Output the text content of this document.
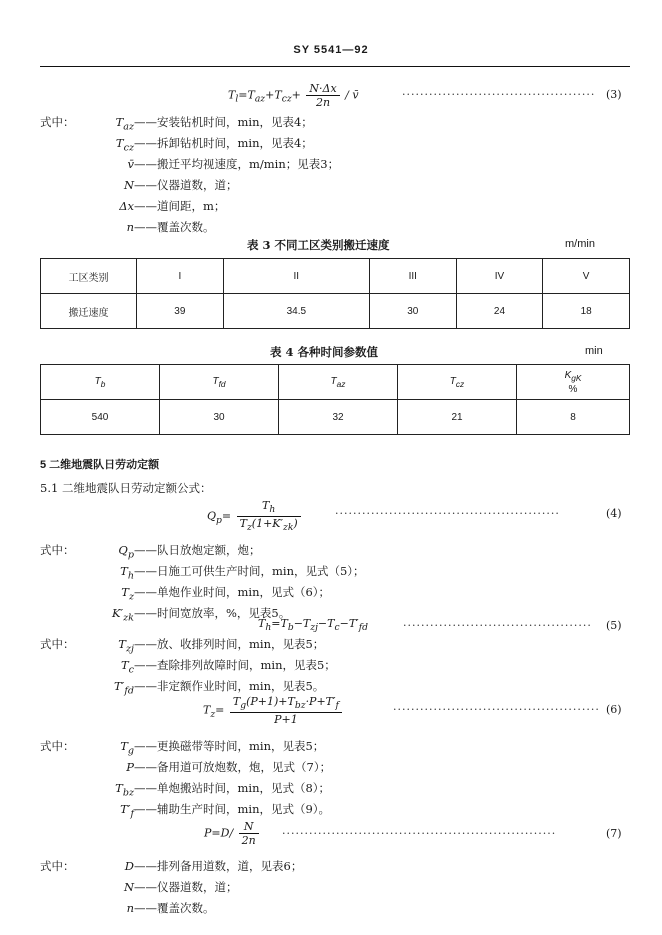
SY 5541—92
$T_l=T_{az}+T_{cz}+ \frac{N\cdot\Delta x}{2n}$ / v̄	··········································· (3)
式中：	$T_{az}——$安装钻机时间，min，见表4；
$T_{cz}——$拆卸钻机时间，min，见表4；
v̄——搬迁平均视速度，m/min；见表3；
N——仪器道数，道；
Δx——道间距，m；
n——覆盖次数。
表 3 不同工区类别搬迁速度	m/min
工区类别	I	II	III	IV	V
搬迁速度	39	34.5	30	24	18
表 4 各种时间参数值	min
$T_b$	$T_{fd}$	$T_{az}$	$T_{cz}$	$K_{gK}$
%
540	30	32	21	8
5 二维地震队日劳动定额
5.1 二维地震队日劳动定额公式：
$Q_p= \frac{T_h}{T_z(1+K'_{zk})}$	··················································	(4)
式中：	$Q_p——$队日放炮定额，炮；
$T_h——$日施工可供生产时间，min，见式（5）；
$T_z——$单炮作业时间，min，见式（6）；
$K'_{zk}——$时间宽放率，%，见表5。
$T_h=T_b-T_{zj}-T_c-T'_{fd}$	·········································· (5)
式中：	$T_{zj}——$放、收排列时间，min，见表5；
$T_c——$查除排列故障时间，min，见表5；
$T'_{fd}——$非定额作业时间，min，见表5。
$T_z= \frac{T_g(P+1)+T_{bz}\cdot P+T'_f}{P+1}$	·············································· (6)
式中：	$T_g——$更换磁带等时间，min，见表5；
P——备用道可放炮数，炮，见式（7）；
$T_{bz}——$单炮搬站时间，min，见式（8）；
$T'_f——$辅助生产时间，min，见式（9）。
$P=D/ \frac{N}{2n}$ ·····························································	(7)
式中：	D——排列备用道数，道，见表6；
N——仪器道数，道；
n——覆盖次数。
